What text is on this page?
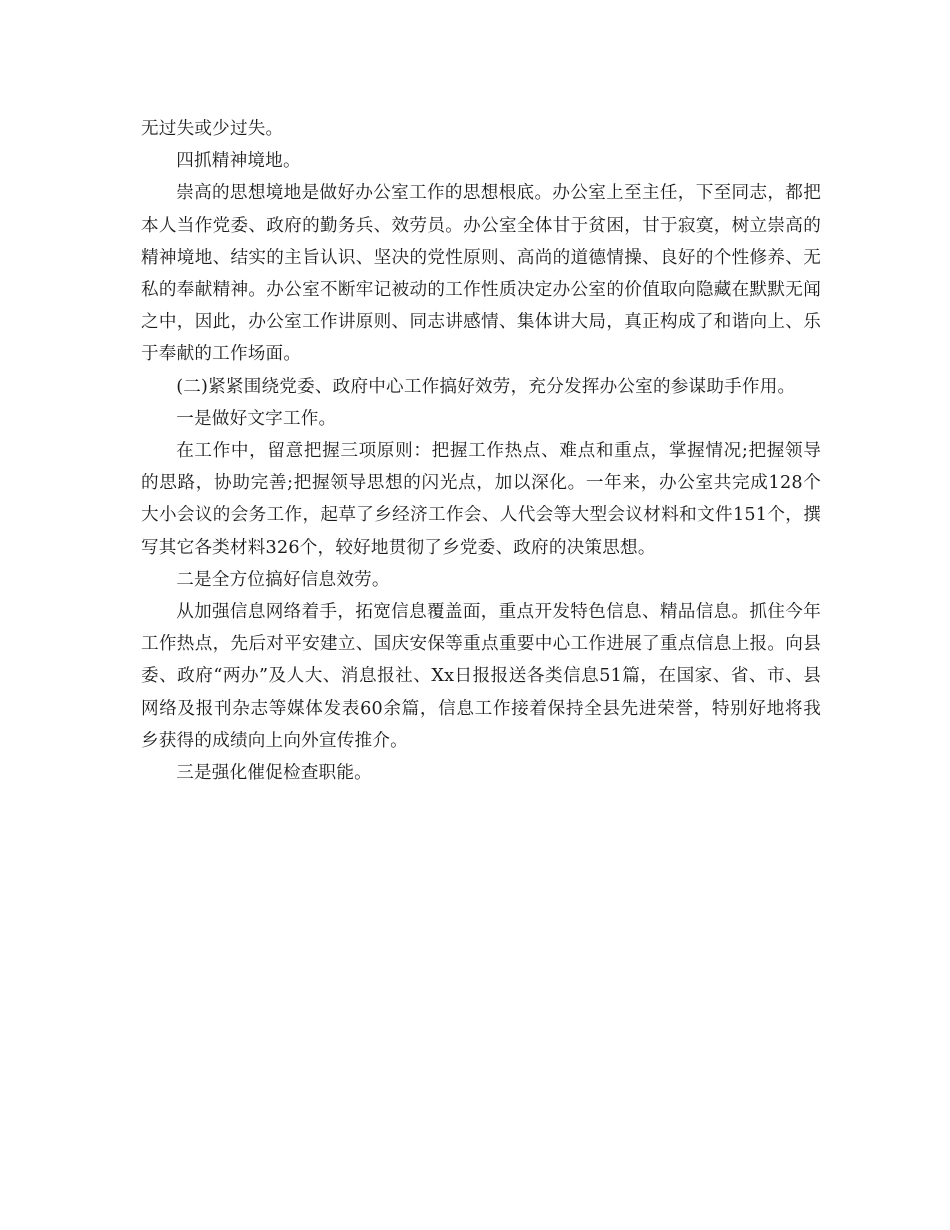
无过失或少过失。

四抓精神境地。

崇高的思想境地是做好办公室工作的思想根底。办公室上至主任，下至同志，都把本人当作党委、政府的勤务兵、效劳员。办公室全体甘于贫困，甘于寂寞，树立崇高的精神境地、结实的主旨认识、坚决的党性原则、高尚的道德情操、良好的个性修养、无私的奉献精神。办公室不断牢记被动的工作性质决定办公室的价值取向隐藏在默默无闻之中，因此，办公室工作讲原则、同志讲感情、集体讲大局，真正构成了和谐向上、乐于奉献的工作场面。

(二)紧紧围绕党委、政府中心工作搞好效劳，充分发挥办公室的参谋助手作用。

一是做好文字工作。

在工作中，留意把握三项原则：把握工作热点、难点和重点，掌握情况;把握领导的思路，协助完善;把握领导思想的闪光点，加以深化。一年来，办公室共完成128个大小会议的会务工作，起草了乡经济工作会、人代会等大型会议材料和文件151个，撰写其它各类材料326个，较好地贯彻了乡党委、政府的决策思想。

二是全方位搞好信息效劳。

从加强信息网络着手，拓宽信息覆盖面，重点开发特色信息、精品信息。抓住今年工作热点，先后对平安建立、国庆安保等重点重要中心工作进展了重点信息上报。向县委、政府“两办”及人大、消息报社、Xx日报报送各类信息51篇，在国家、省、市、县网络及报刊杂志等媒体发表60余篇，信息工作接着保持全县先进荣誉，特别好地将我乡获得的成绩向上向外宣传推介。

三是强化催促检查职能。
